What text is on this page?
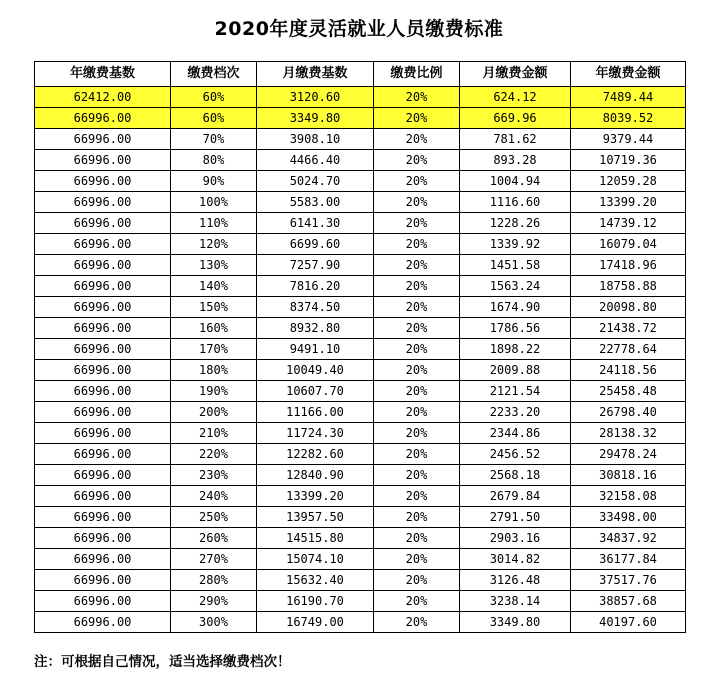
2020年度灵活就业人员缴费标准
年缴费基数	缴费档次	月缴费基数	缴费比例	月缴费金额	年缴费金额
62412.00	60%	3120.60	20%	624.12	7489.44
66996.00	60%	3349.80	20%	669.96	8039.52
66996.00	70%	3908.10	20%	781.62	9379.44
66996.00	80%	4466.40	20%	893.28	10719.36
66996.00	90%	5024.70	20%	1004.94	12059.28
66996.00	100%	5583.00	20%	1116.60	13399.20
66996.00	110%	6141.30	20%	1228.26	14739.12
66996.00	120%	6699.60	20%	1339.92	16079.04
66996.00	130%	7257.90	20%	1451.58	17418.96
66996.00	140%	7816.20	20%	1563.24	18758.88
66996.00	150%	8374.50	20%	1674.90	20098.80
66996.00	160%	8932.80	20%	1786.56	21438.72
66996.00	170%	9491.10	20%	1898.22	22778.64
66996.00	180%	10049.40	20%	2009.88	24118.56
66996.00	190%	10607.70	20%	2121.54	25458.48
66996.00	200%	11166.00	20%	2233.20	26798.40
66996.00	210%	11724.30	20%	2344.86	28138.32
66996.00	220%	12282.60	20%	2456.52	29478.24
66996.00	230%	12840.90	20%	2568.18	30818.16
66996.00	240%	13399.20	20%	2679.84	32158.08
66996.00	250%	13957.50	20%	2791.50	33498.00
66996.00	260%	14515.80	20%	2903.16	34837.92
66996.00	270%	15074.10	20%	3014.82	36177.84
66996.00	280%	15632.40	20%	3126.48	37517.76
66996.00	290%	16190.70	20%	3238.14	38857.68
66996.00	300%	16749.00	20%	3349.80	40197.60
注：可根据自己情况，适当选择缴费档次！
